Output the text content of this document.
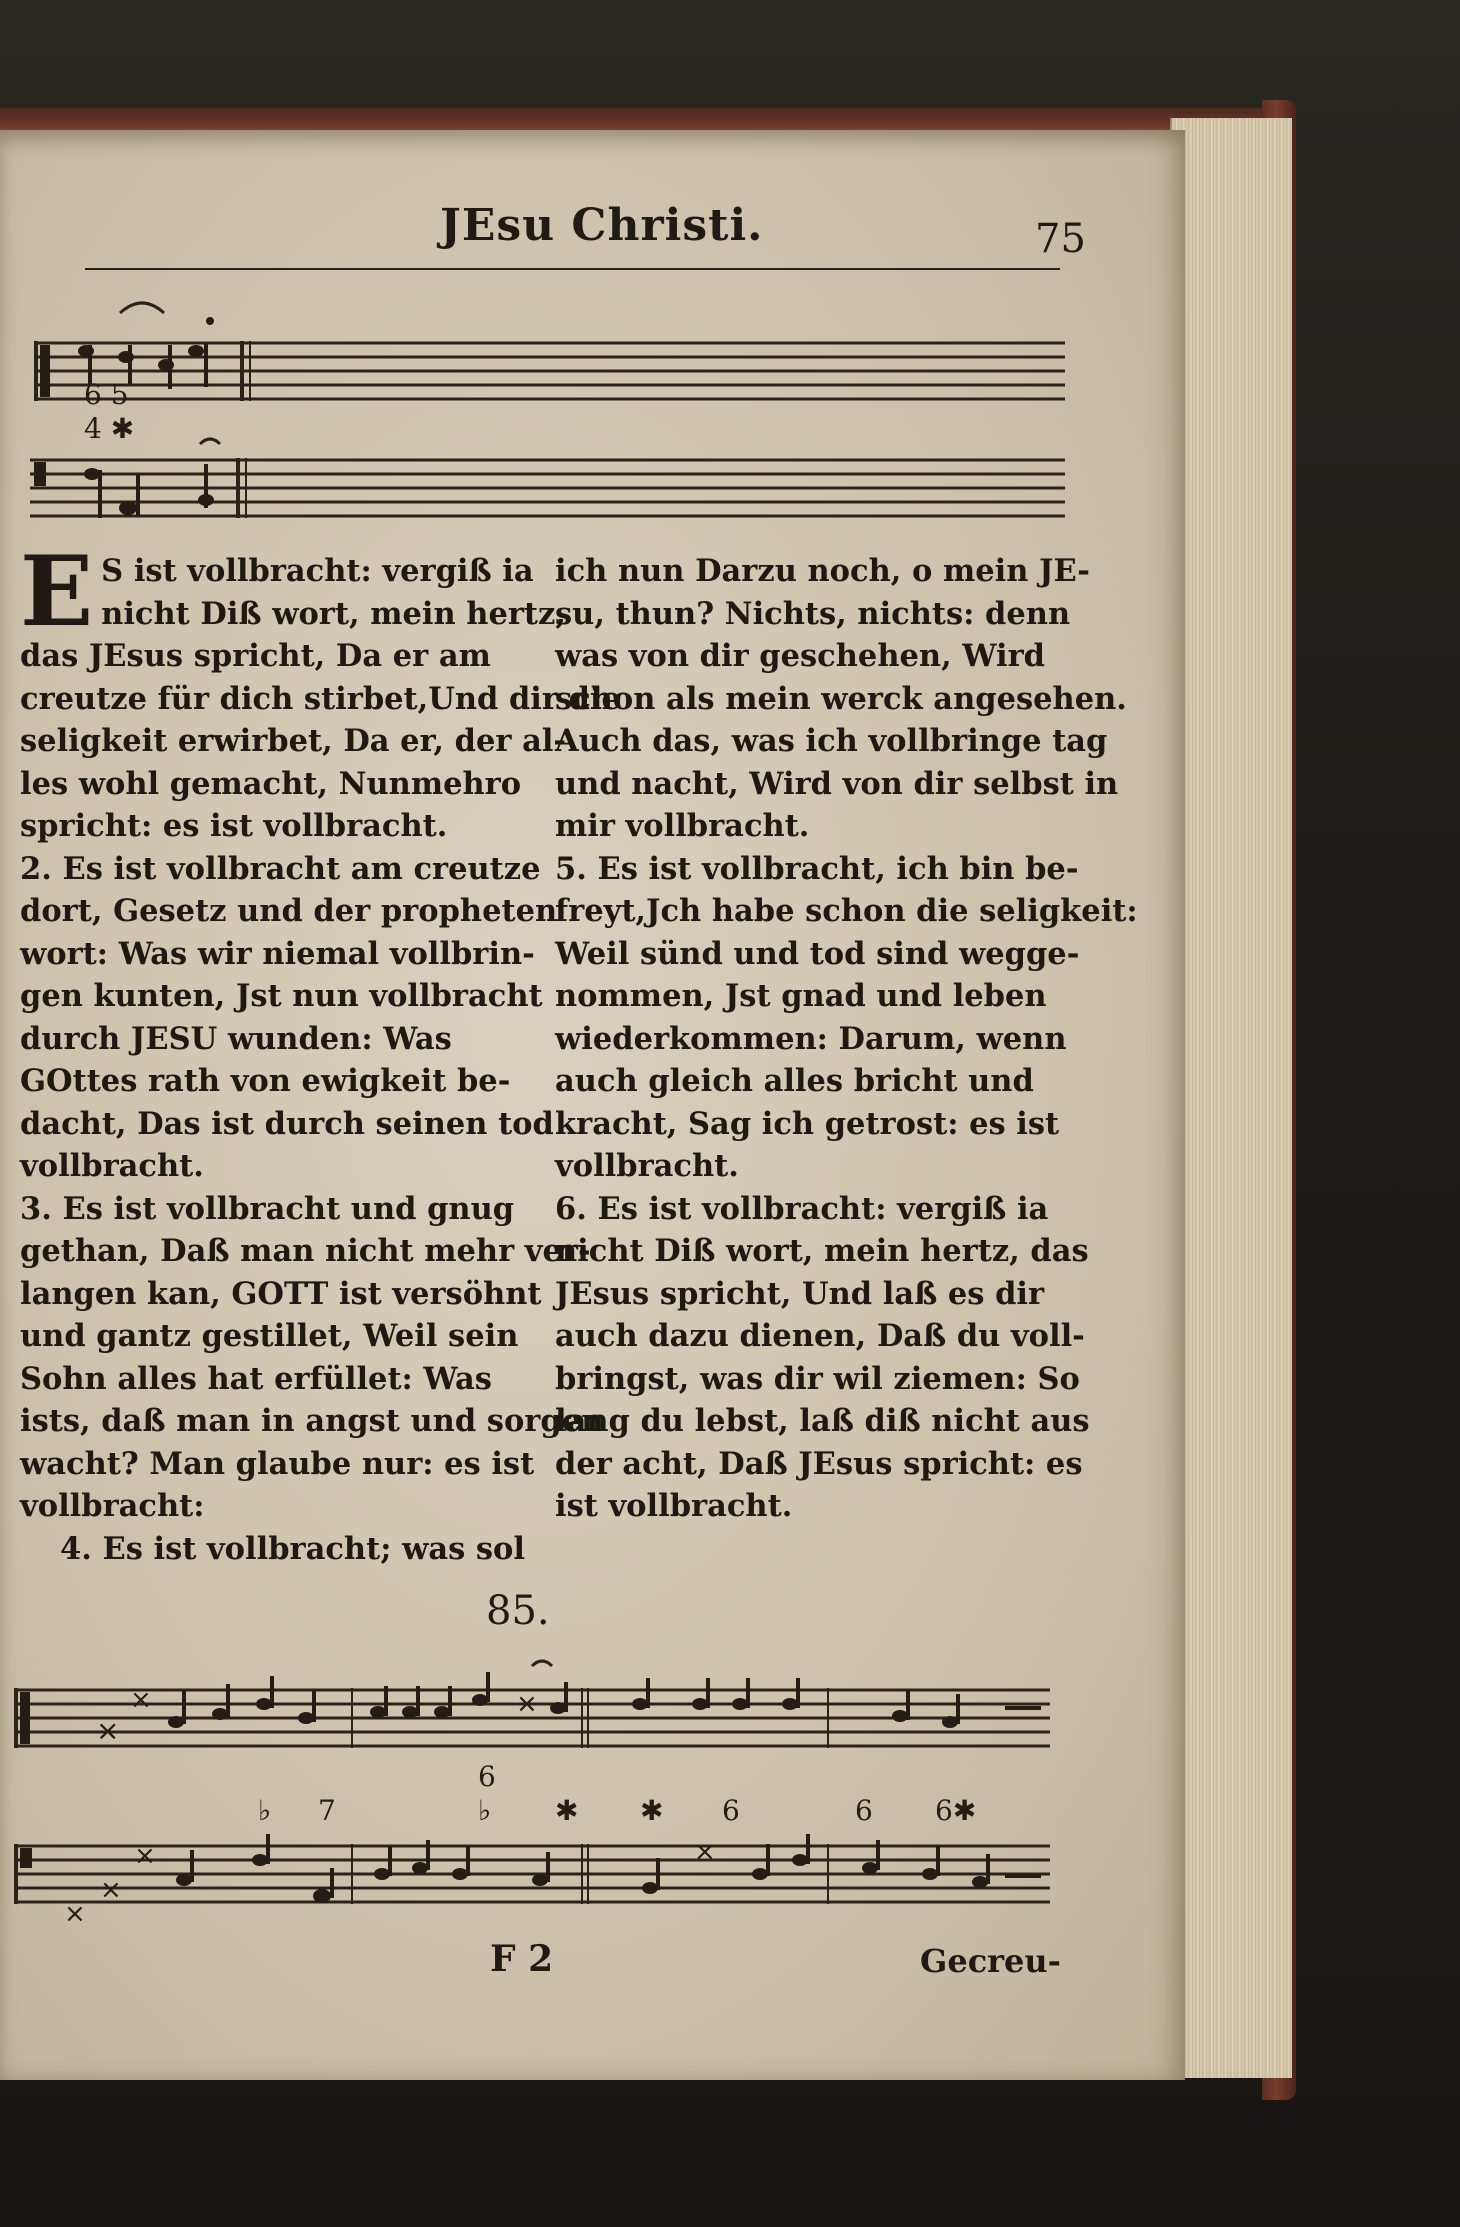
JEsu Christi.	75
6 5
4 ✱
E S ist vollbracht: vergiß ia
nicht Diß wort, mein hertz,
das JEsus spricht, Da er am
creutze für dich stirbet,Und dir die
seligkeit erwirbet, Da er, der al-
les wohl gemacht, Nunmehro
spricht: es ist vollbracht.
2. Es ist vollbracht am creutze
dort, Gesetz und der propheten
wort: Was wir niemal vollbrin-
gen kunten, Jst nun vollbracht
durch JESU wunden: Was
GOttes rath von ewigkeit be-
dacht, Das ist durch seinen tod
vollbracht.
3. Es ist vollbracht und gnug
gethan, Daß man nicht mehr ver-
langen kan, GOTT ist versöhnt
und gantz gestillet, Weil sein
Sohn alles hat erfüllet: Was
ists, daß man in angst und sorgen
wacht? Man glaube nur: es ist
vollbracht:
4. Es ist vollbracht; was sol
ich nun Darzu noch, o mein JE-
su, thun? Nichts, nichts: denn
was von dir geschehen, Wird
schon als mein werck angesehen.
Auch das, was ich vollbringe tag
und nacht, Wird von dir selbst in
mir vollbracht.
5. Es ist vollbracht, ich bin be-
freyt,Jch habe schon die seligkeit:
Weil sünd und tod sind wegge-
nommen, Jst gnad und leben
wiederkommen: Darum, wenn
auch gleich alles bricht und
kracht, Sag ich getrost: es ist
vollbracht.
6. Es ist vollbracht: vergiß ia
nicht Diß wort, mein hertz, das
JEsus spricht, Und laß es dir
auch dazu dienen, Daß du voll-
bringst, was dir wil ziemen: So
lang du lebst, laß diß nicht aus
der acht, Daß JEsus spricht: es
ist vollbracht.
85.
×
×	×
6
♭ 7	♭ ✱ ✱ 6	6 6✱
×
×
×	×
F 2	Gecreu-
